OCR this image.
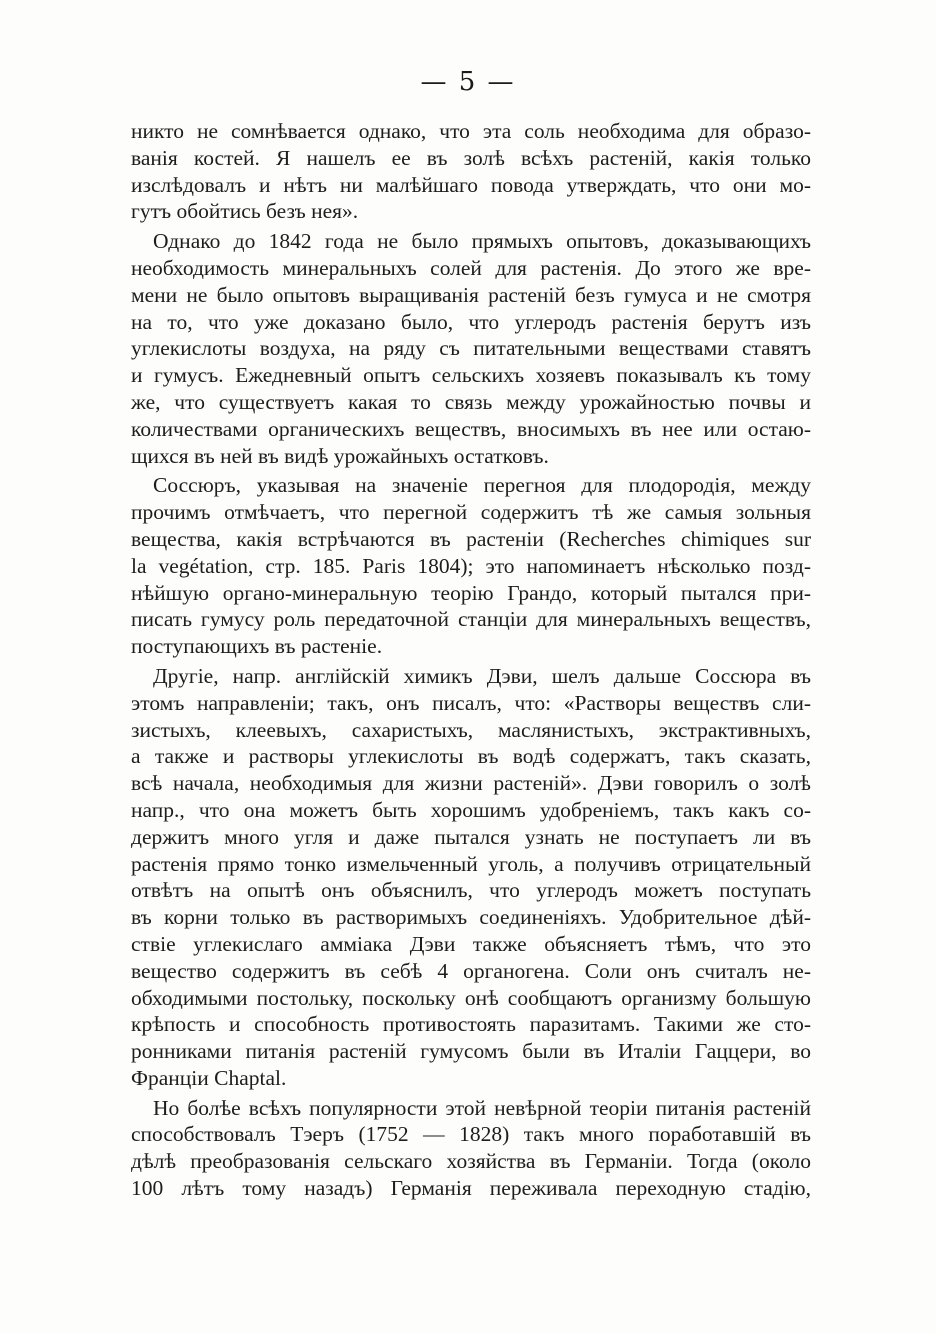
— 5 —
никто не сомнѣвается однако, что эта соль необходима для образо-
ванія костей. Я нашелъ ее въ золѣ всѣхъ растеній, какія только
изслѣдовалъ и нѣтъ ни малѣйшаго повода утверждать, что они мо-
гутъ обойтись безъ нея».
Однако до 1842 года не было прямыхъ опытовъ, доказывающихъ
необходимость минеральныхъ солей для растенія. До этого же вре-
мени не было опытовъ выращиванія растеній безъ гумуса и не смотря
на то, что уже доказано было, что углеродъ растенія берутъ изъ
углекислоты воздуха, на ряду съ питательными веществами ставятъ
и гумусъ. Ежедневный опытъ сельскихъ хозяевъ показывалъ къ тому
же, что существуетъ какая то связь между урожайностью почвы и
количествами органическихъ веществъ, вносимыхъ въ нее или остаю-
щихся въ ней въ видѣ урожайныхъ остатковъ.
Соссюръ, указывая на значеніе перегноя для плодородія, между
прочимъ отмѣчаетъ, что перегной содержитъ тѣ же самыя зольныя
вещества, какія встрѣчаются въ растеніи (Recherches chimiques sur
la vegétation, стр. 185. Paris 1804); это напоминаетъ нѣсколько позд-
нѣйшую органо-минеральную теорію Грандо, который пытался при-
писать гумусу роль передаточной станціи для минеральныхъ веществъ,
поступающихъ въ растеніе.
Другіе, напр. англійскій химикъ Дэви, шелъ дальше Соссюра въ
этомъ направленіи; такъ, онъ писалъ, что: «Растворы веществъ сли-
зистыхъ, клеевыхъ, сахаристыхъ, маслянистыхъ, экстрактивныхъ,
а также и растворы углекислоты въ водѣ содержатъ, такъ сказать,
всѣ начала, необходимыя для жизни растеній». Дэви говорилъ о золѣ
напр., что она можетъ быть хорошимъ удобреніемъ, такъ какъ со-
держитъ много угля и даже пытался узнать не поступаетъ ли въ
растенія прямо тонко измельченный уголь, а получивъ отрицательный
отвѣтъ на опытѣ онъ объяснилъ, что углеродъ можетъ поступать
въ корни только въ растворимыхъ соединеніяхъ. Удобрительное дѣй-
ствіе углекислаго амміака Дэви также объясняетъ тѣмъ, что это
вещество содержитъ въ себѣ 4 органогена. Соли онъ считалъ не-
обходимыми постольку, поскольку онѣ сообщаютъ организму большую
крѣпость и способность противостоять паразитамъ. Такими же сто-
ронниками питанія растеній гумусомъ были въ Италіи Гаццери, во
Франціи Chaptal.
Но болѣе всѣхъ популярности этой невѣрной теоріи питанія растеній
способствовалъ Тэеръ (1752 — 1828) такъ много поработавшій въ
дѣлѣ преобразованія сельскаго хозяйства въ Германіи. Тогда (около
100 лѣтъ тому назадъ) Германія переживала переходную стадію,
